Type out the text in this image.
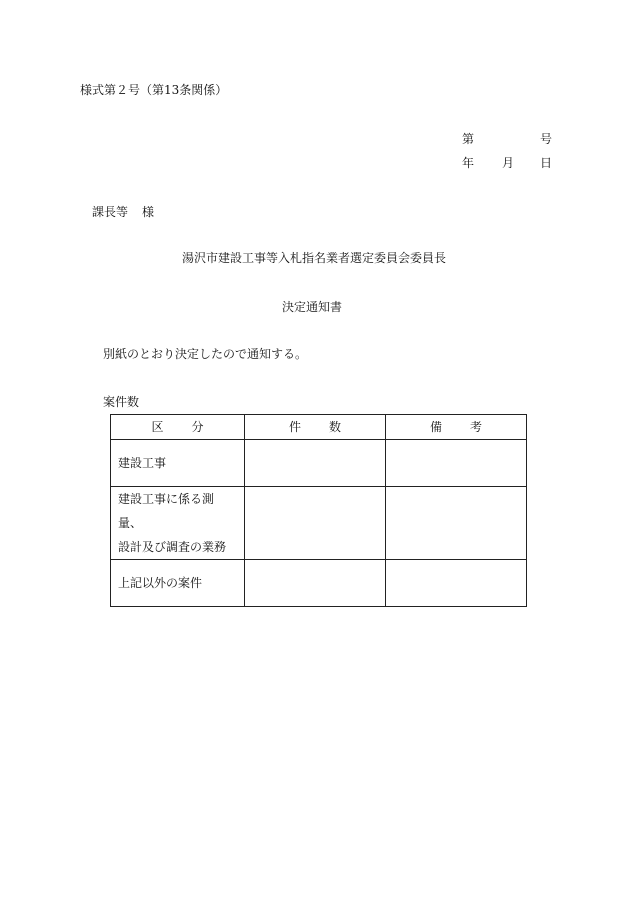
様式第２号（第13条関係）
第	号
年 月 日
課長等 様
湯沢市建設工事等入札指名業者選定委員会委員長
決定通知書
別紙のとおり決定したので通知する。
案件数
区 分	件 数	備 考

建設工事		

建設工事に係る測量、
設計及び調査の業務		

上記以外の案件		
